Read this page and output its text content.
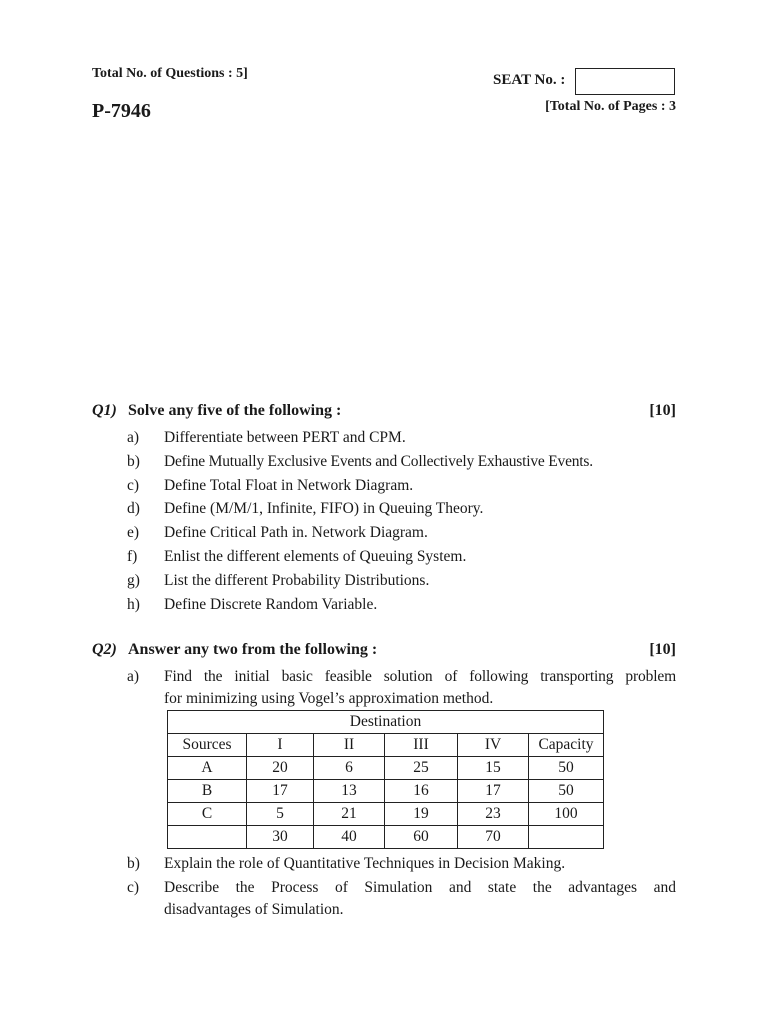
Total No. of Questions : 5]	SEAT No. :
P-7946	[Total No. of Pages : 3
Q1) Solve any five of the following :	[10]
a)	Differentiate between PERT and CPM.
b)	Define Mutually Exclusive Events and Collectively Exhaustive Events.
c)	Define Total Float in Network Diagram.
d)	Define (M/M/1, Infinite, FIFO) in Queuing Theory.
e)	Define Critical Path in. Network Diagram.
f)	Enlist the different elements of Queuing System.
g)	List the different Probability Distributions.
h)	Define Discrete Random Variable.
Q2) Answer any two from the following :	[10]
a)	Find the initial basic feasible solution of following transporting problem
for minimizing using Vogel’s approximation method.
Destination					
Sources	I	II	III	IV	Capacity
A	20	6	25	15	50
B	17	13	16	17	50
C	5	21	19	23	100
	30	40	60	70	
b)	Explain the role of Quantitative Techniques in Decision Making.
c)	Describe the Process of Simulation and state the advantages and
disadvantages of Simulation.
